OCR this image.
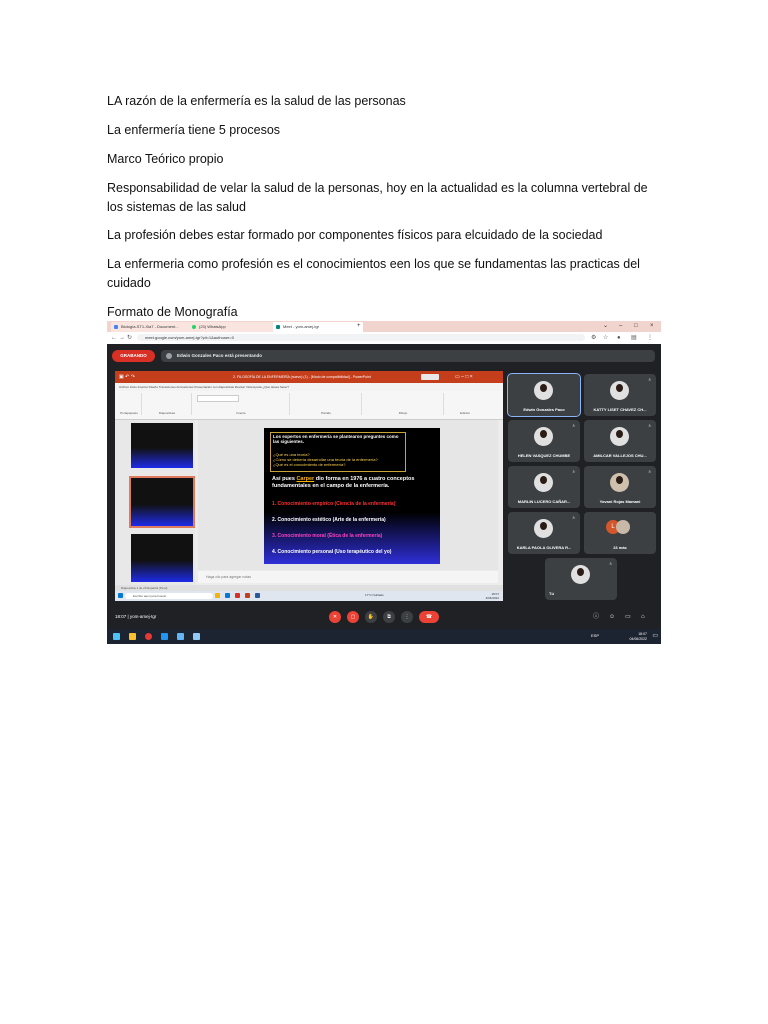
LA razón de la enfermería es la salud de las personas

La enfermería tiene 5 procesos

Marco Teórico propio

Responsabilidad de velar la salud de la personas, hoy en la actualidad es la columna vertebral de los sistemas de las salud

La profesión debes estar formado por componentes físicos para elcuidado de la sociedad

La enfermeria como profesión es el conocimientos een los que se fundamentas las practicas del cuidado

Formato de Monografía

Biología-ST1-Xia7 - Document...	(23) WhatsApp	Meet - yom-amej-tgr	+	⌄ – □ ×
← → ↻	meet.google.com/yom-amej-tgr?pli=1&authuser=0	⚙ ☆ ● ▤ ⋮
GRABANDO	Edwin Gonzales Paco está presentando
▣ ↶ ↷	2. FILOSOFÍA DE LA ENFERMERÍA (nuevo) (1) - [Modo de compatibilidad] - PowerPoint	▭ – □ ×
Archivo Inicio Insertar Diseño Transiciones Animaciones Presentación con diapositivas Revisar Vista Ayuda ¿Qué desea hacer?
Portapapeles	Diapositivas	Fuente	Párrafo	Dibujo	Edición
Los expertos en enfermería se plantearon preguntes como las siguientes.
¿Qué es una teoría?
¿Cómo se debería desarrollar una teoría de la enfermería?
¿Qué es el conocimiento de enfermería?
Así pues Carper dio forma en 1976 a cuatro conceptos fundamentales en el campo de la enfermería.
1. Conocimiento empírico (Ciencia de la enfermería)
2. Conocimiento estético (Arte de la enfermería)
3. Conocimiento moral (Ética de la enfermería)
4. Conocimiento personal (Uso terapéutico del yo)
Haga clic para agregar notas
Diapositiva 1 de 20 Español (Perú)
Escribe aquí para buscar	17°C Nublado	18:07
4/06/2022
Edwin Gonzales Paco
ᐞ
KATTY LISET CHAVEZ CH...
ᐞ
HELEN VASQUEZ CHUMBE
ᐞ
AMILCAR VALLEJOS CHU...
ᐞ
MARLIN LUCERO CAÑAR...
ᐞ
Yovani Rojas Mamani
ᐞ
KARLA PAOLA OLIVERA R...
L
23 más
ᐞ
Tú
18:07 | yom-amej-tgr	✕	▢	✋	⧉	⋮	☎	ⓘ ☺ ▭ ⌂
ESP	18:07
04/06/2022 ▭
